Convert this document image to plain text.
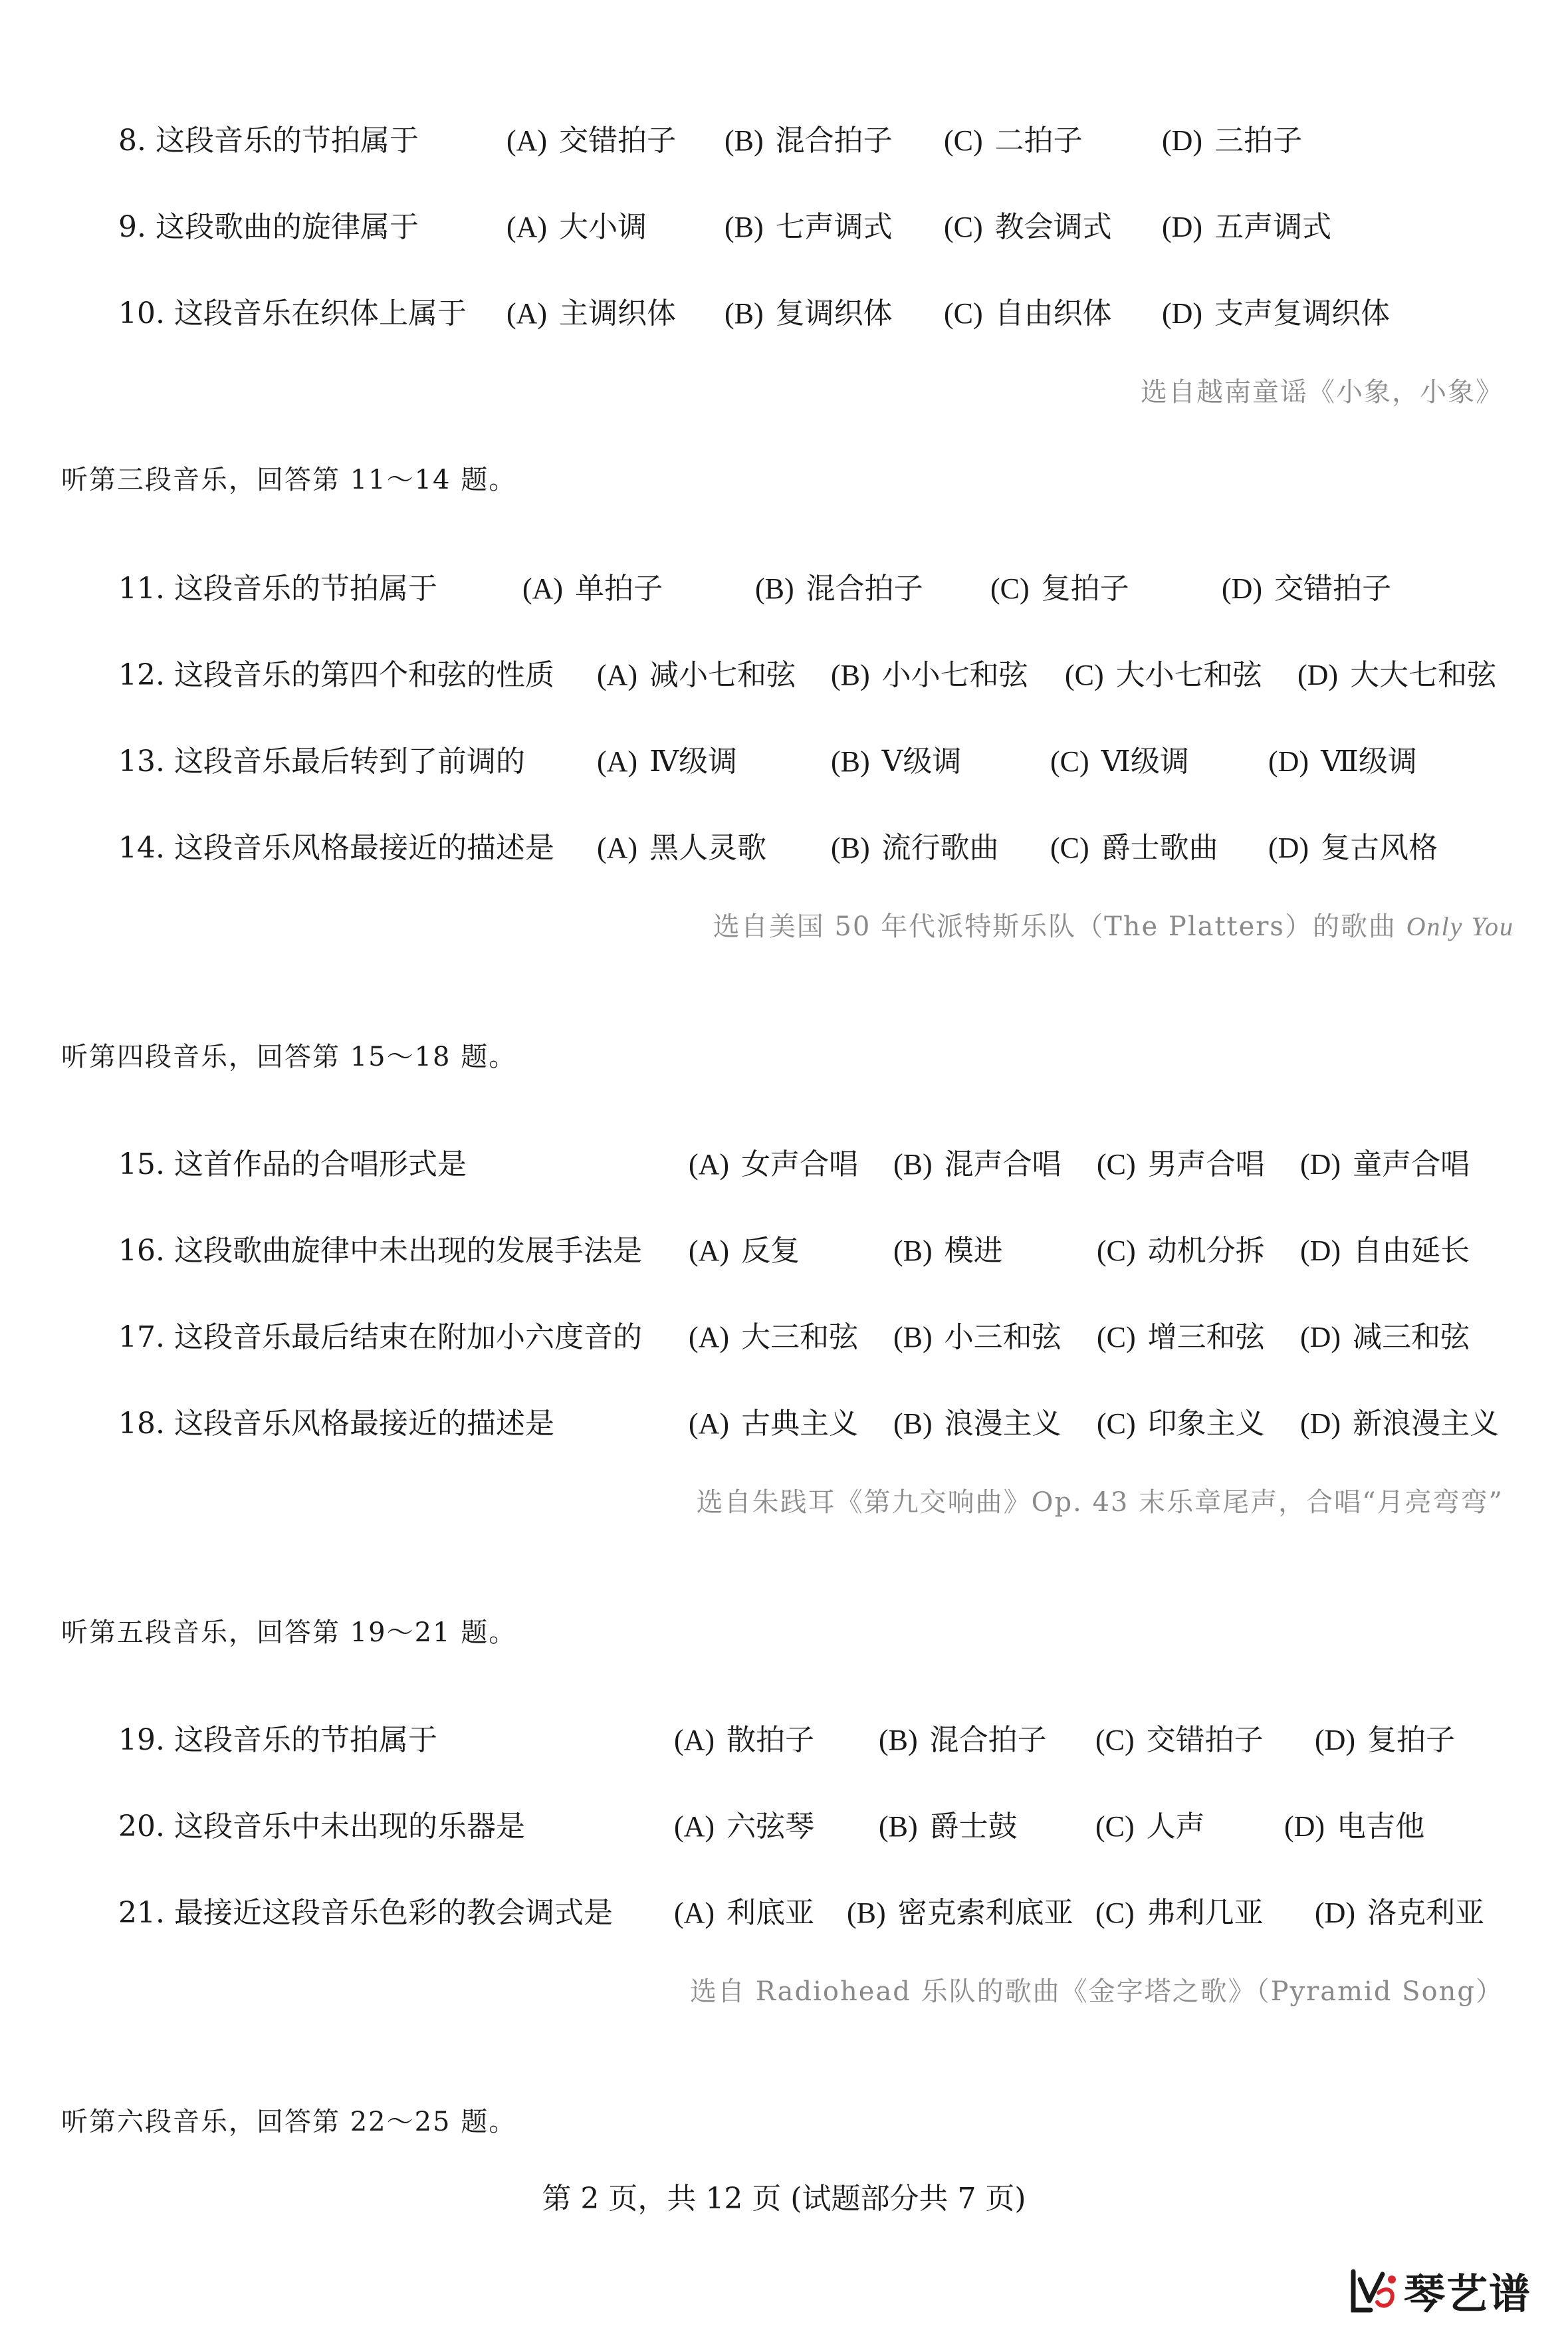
8. 这段音乐的节拍属于	(A) 交错拍子 (B) 混合拍子 (C) 二拍子	(D) 三拍子
9. 这段歌曲的旋律属于	(A) 大小调	(B) 七声调式 (C) 教会调式 (D) 五声调式
10. 这段音乐在织体上属于 (A) 主调织体 (B) 复调织体 (C) 自由织体 (D) 支声复调织体
11. 这段音乐的节拍属于	(A) 单拍子	(B) 混合拍子 (C) 复拍子	(D) 交错拍子
12. 这段音乐的第四个和弦的性质 (A) 减小七和弦 (B) 小小七和弦 (C) 大小七和弦 (D) 大大七和弦
13. 这段音乐最后转到了前调的 (A) Ⅳ级调	(B) Ⅴ级调	(C) Ⅵ级调	(D) Ⅶ级调
14. 这段音乐风格最接近的描述是 (A) 黑人灵歌 (B) 流行歌曲 (C) 爵士歌曲 (D) 复古风格
15. 这首作品的合唱形式是	(A) 女声合唱 (B) 混声合唱 (C) 男声合唱 (D) 童声合唱
16. 这段歌曲旋律中未出现的发展手法是 (A) 反复	(B) 模进	(C) 动机分拆 (D) 自由延长
17. 这段音乐最后结束在附加小六度音的 (A) 大三和弦 (B) 小三和弦 (C) 增三和弦 (D) 减三和弦
18. 这段音乐风格最接近的描述是	(A) 古典主义 (B) 浪漫主义 (C) 印象主义 (D) 新浪漫主义
19. 这段音乐的节拍属于	(A) 散拍子 (B) 混合拍子 (C) 交错拍子 (D) 复拍子
20. 这段音乐中未出现的乐器是	(A) 六弦琴 (B) 爵士鼓	(C) 人声	(D) 电吉他
21. 最接近这段音乐色彩的教会调式是 (A) 利底亚 (B) 密克索利底亚 (C) 弗利几亚 (D) 洛克利亚
听第三段音乐，回答第 11～14 题。
听第四段音乐，回答第 15～18 题。
听第五段音乐，回答第 19～21 题。
听第六段音乐，回答第 22～25 题。
选自越南童谣《小象，小象》
选自美国 50 年代派特斯乐队（The Platters）的歌曲 Only You
选自朱践耳《第九交响曲》Op. 43 末乐章尾声，合唱“月亮弯弯”
选自 Radiohead 乐队的歌曲《金字塔之歌》（Pyramid Song）
第 2 页，共 12 页 (试题部分共 7 页)
琴艺谱
